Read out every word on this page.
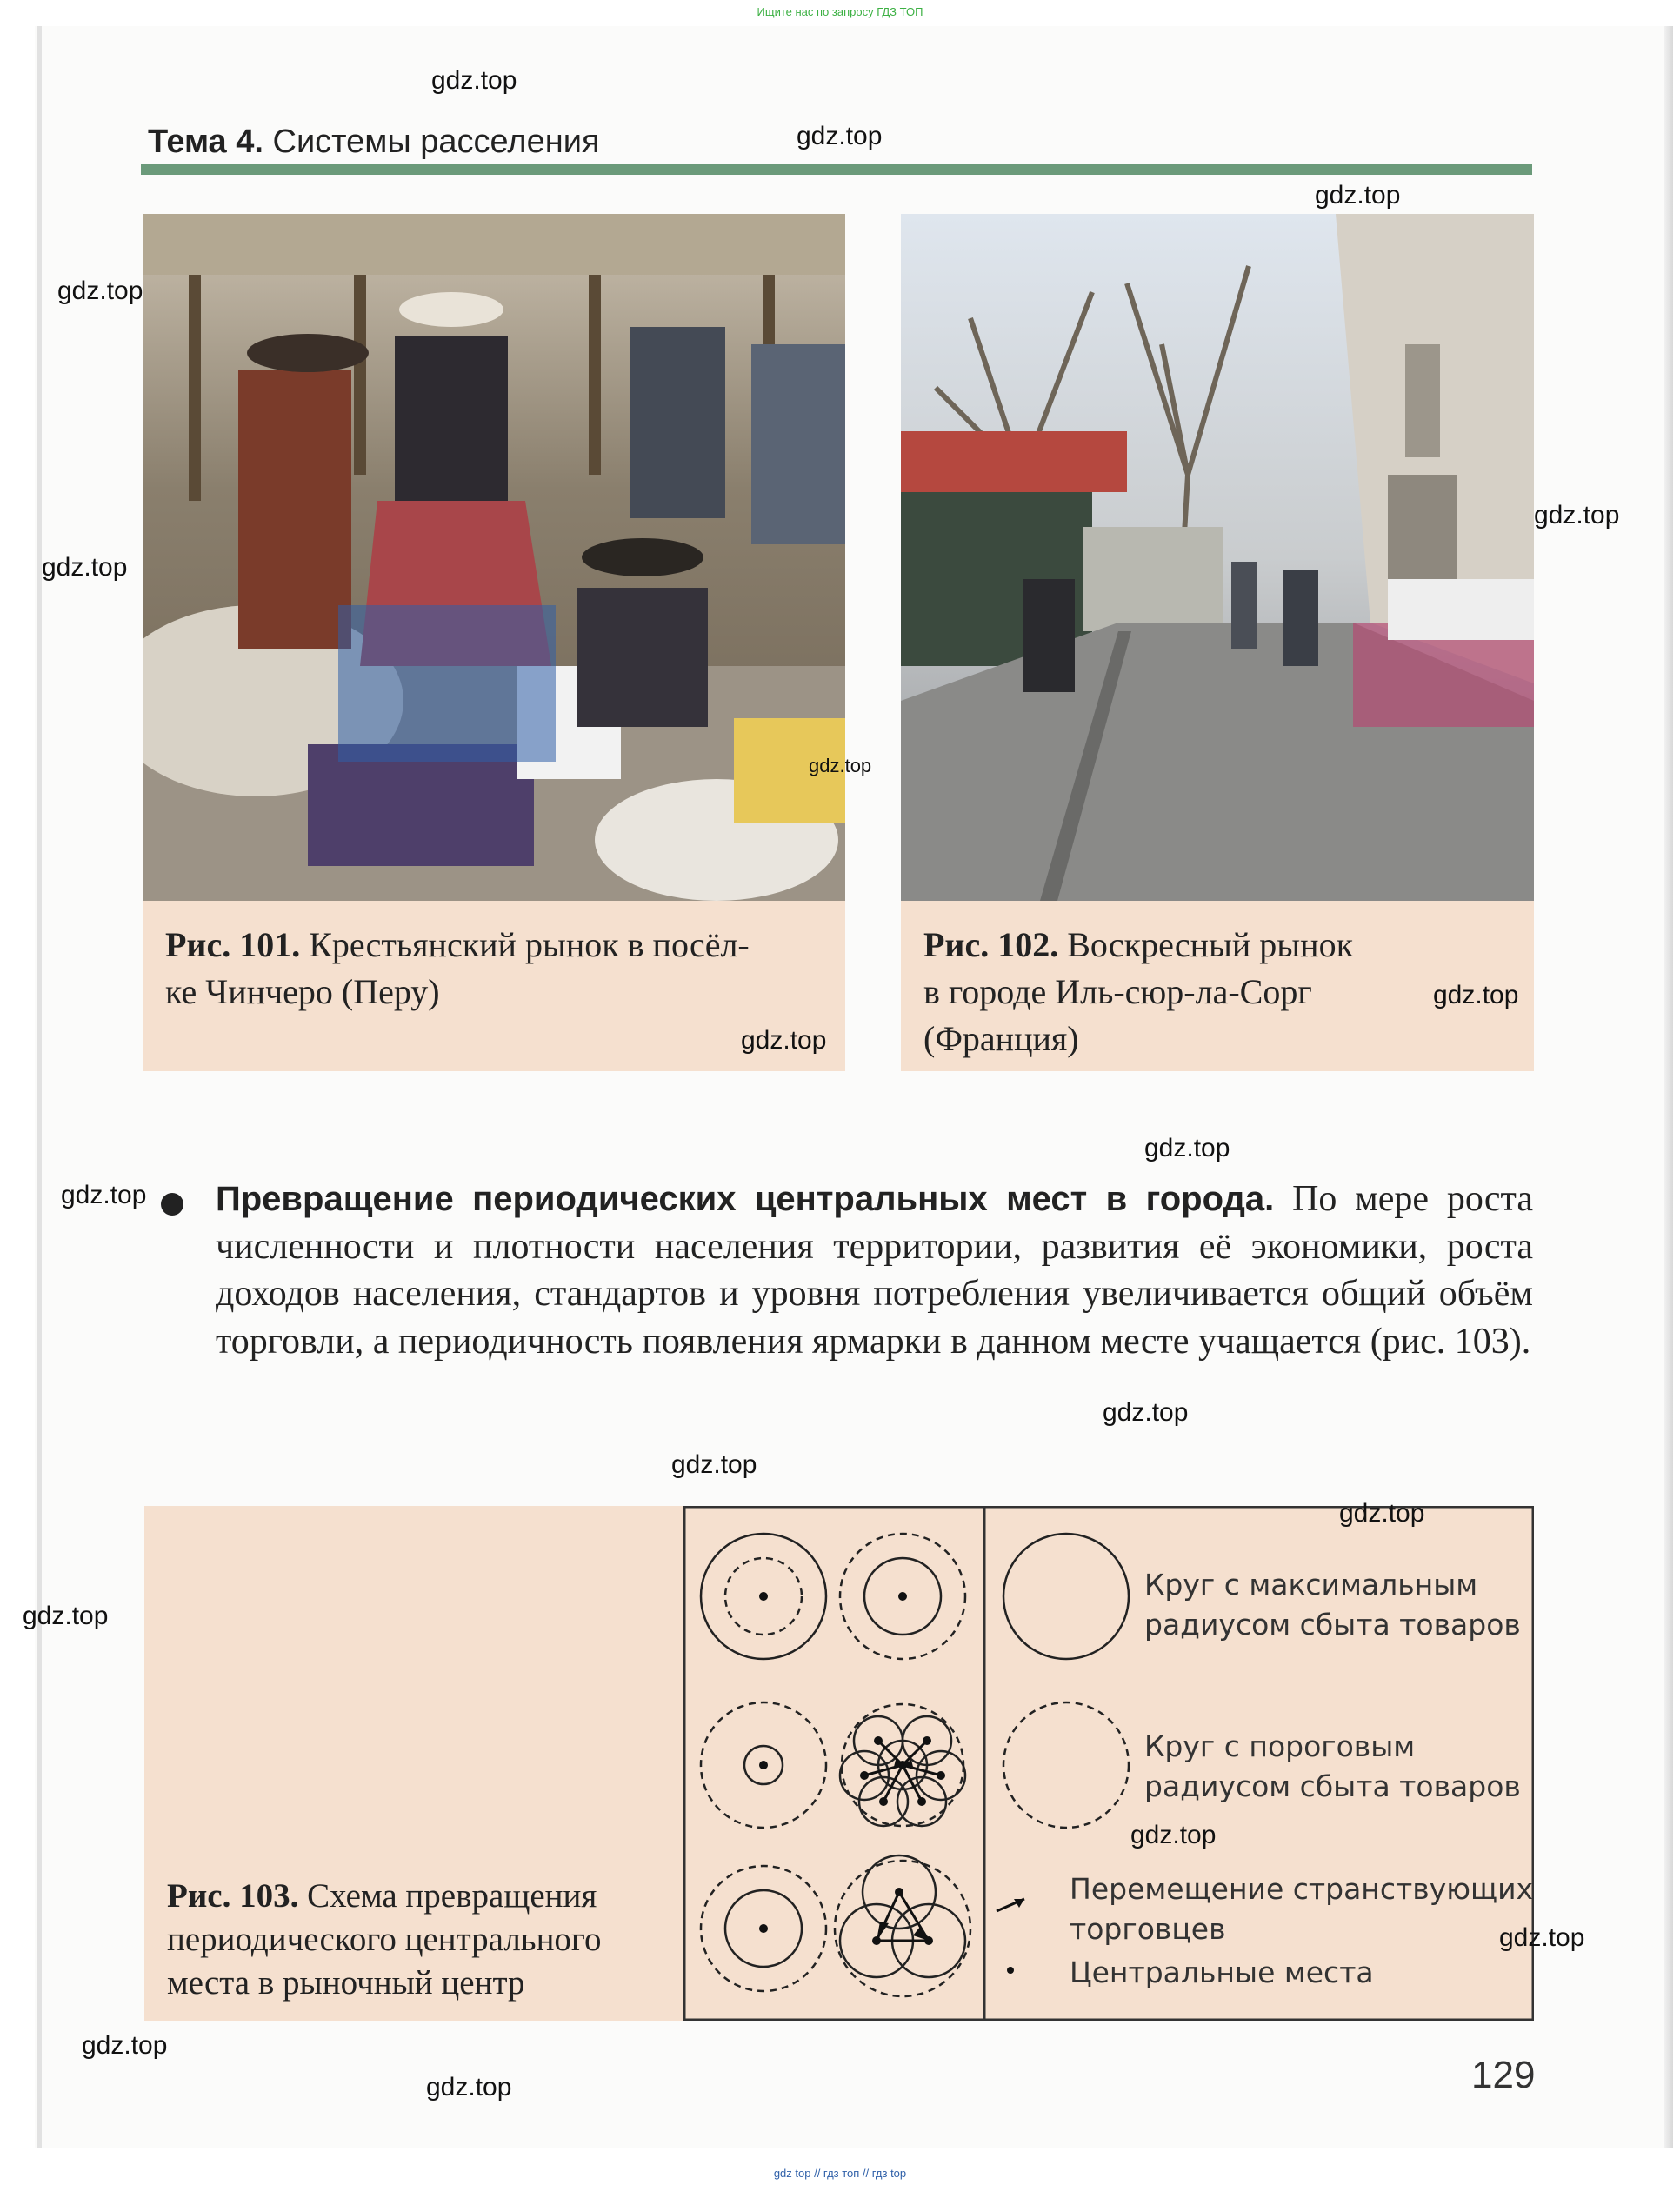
Ищите нас по запросу ГДЗ ТОП
Тема 4. Системы расселения
Рис. 101. Крестьянский рынок в посёл-
ке Чинчеро (Перу)
Рис. 102. Воскресный рынок
в городе Иль-сюр-ла-Сорг
(Франция)
Превращение периодических центральных мест в города. По мере роста численности и плотности населения территории, развития её экономики, роста доходов населения, стандартов и уровня потребления увеличивается общий объём торговли, а периодичность появления ярмарки в данном месте учащается (рис. 103).
Рис. 103. Схема превращения
периодического центрального
места в рыночный центр
Круг с максимальным
радиусом сбыта товаров
Круг с пороговым
радиусом сбыта товаров
Перемещение странствующих
торговцев
Центральные места
129
gdz.top
gdz.top
gdz.top
gdz.top
gdz.top
gdz.top
gdz.top
gdz.top
gdz.top
gdz.top
gdz.top
gdz.top
gdz.top
gdz.top
gdz.top
gdz.top
gdz.top
gdz.top
gdz.top
gdz top // гдз топ // гдз top
